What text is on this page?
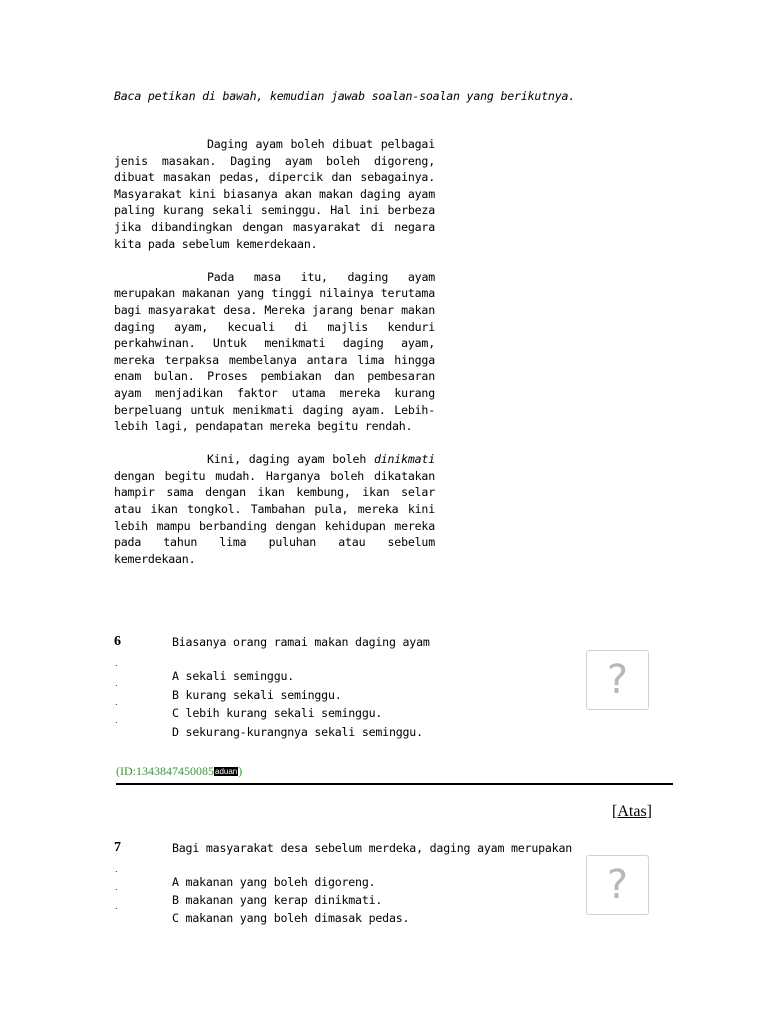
Baca petikan di bawah, kemudian jawab soalan-soalan yang berikutnya.

Daging ayam boleh dibuat pelbagai jenis masakan. Daging ayam boleh digoreng, dibuat masakan pedas, dipercik dan sebagainya. Masyarakat kini biasanya akan makan daging ayam paling kurang sekali seminggu. Hal ini berbeza jika dibandingkan dengan masyarakat di negara kita pada sebelum kemerdekaan.

Pada masa itu, daging ayam merupakan makanan yang tinggi nilainya terutama bagi masyarakat desa. Mereka jarang benar makan daging ayam, kecuali di majlis kenduri perkahwinan. Untuk menikmati daging ayam, mereka terpaksa membelanya antara lima hingga enam bulan. Proses pembiakan dan pembesaran ayam menjadikan faktor utama mereka kurang berpeluang untuk menikmati daging ayam. Lebih-lebih lagi, pendapatan mereka begitu rendah.

Kini, daging ayam boleh dinikmati dengan begitu mudah. Harganya boleh dikatakan hampir sama dengan ikan kembung, ikan selar atau ikan tongkol. Tambahan pula, mereka kini lebih mampu berbanding dengan kehidupan mereka pada tahun lima puluhan atau sebelum kemerdekaan.

6	Biasanya orang ramai makan daging ayam
.
.
.
.
A sekali seminggu.
B kurang sekali seminggu.
C lebih kurang sekali seminggu.
D sekurang-kurangnya sekali seminggu.
?
(ID:1343847450085aduan)
[Atas]
7	Bagi masyarakat desa sebelum merdeka, daging ayam merupakan
.
.
.
A makanan yang boleh digoreng.
B makanan yang kerap dinikmati.
C makanan yang boleh dimasak pedas.
?
